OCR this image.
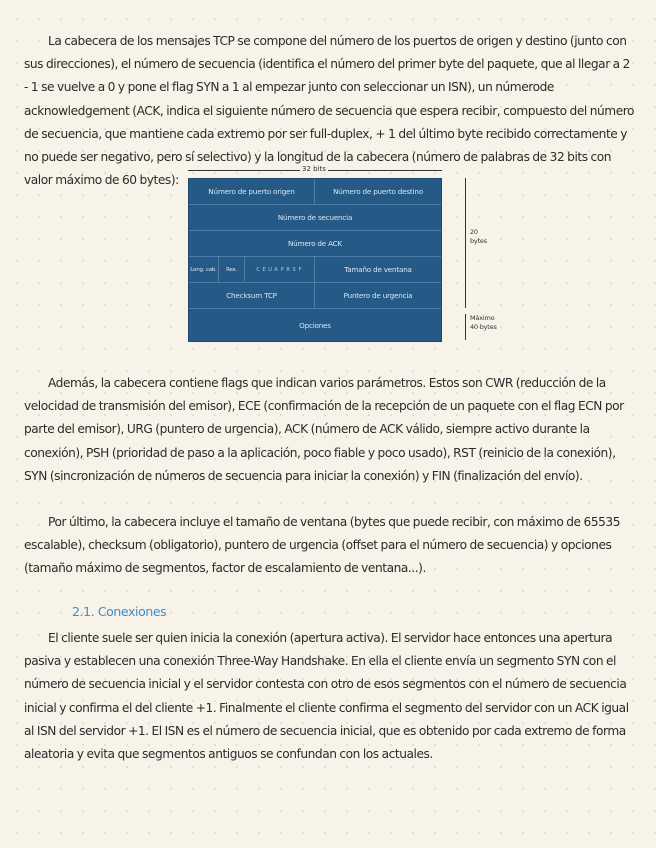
La cabecera de los mensajes TCP se compone del número de los puertos de origen y destino (junto con sus direcciones), el número de secuencia (identifica el número del primer byte del paquete, que al llegar a 2 - 1 se vuelve a 0 y pone el flag SYN a 1 al empezar junto con seleccionar un ISN), un númerode acknowledgement (ACK, indica el siguiente número de secuencia que espera recibir, compuesto del número de secuencia, que mantiene cada extremo por ser full-duplex, + 1 del último byte recibido correctamente y no puede ser negativo, pero sí selectivo) y la longitud de la cabecera (número de palabras de 32 bits con valor máximo de 60 bytes):

32 bits
Número de puerto origen	Número de puerto destino
Número de secuencia
Número de ACK
Long. cab.	Res.	C E U A P R S F	Tamaño de ventana
Checksum TCP	Puntero de urgencia
Opciones
20 bytes
Máximo 40 bytes

Además, la cabecera contiene flags que indican varios parámetros. Estos son CWR (reducción de la velocidad de transmisión del emisor), ECE (confirmación de la recepción de un paquete con el flag ECN por parte del emisor), URG (puntero de urgencia), ACK (número de ACK válido, siempre activo durante la conexión), PSH (prioridad de paso a la aplicación, poco fiable y poco usado), RST (reinicio de la conexión), SYN (sincronización de números de secuencia para iniciar la conexión) y FIN (finalización del envío).

Por último, la cabecera incluye el tamaño de ventana (bytes que puede recibir, con máximo de 65535 escalable), checksum (obligatorio), puntero de urgencia (offset para el número de secuencia) y opciones (tamaño máximo de segmentos, factor de escalamiento de ventana...).

2.1. Conexiones

El cliente suele ser quien inicia la conexión (apertura activa). El servidor hace entonces una apertura pasiva y establecen una conexión Three-Way Handshake. En ella el cliente envía un segmento SYN con el número de secuencia inicial y el servidor contesta con otro de esos segmentos con el número de secuencia inicial y confirma el del cliente +1. Finalmente el cliente confirma el segmento del servidor con un ACK igual al ISN del servidor +1. El ISN es el número de secuencia inicial, que es obtenido por cada extremo de forma aleatoria y evita que segmentos antiguos se confundan con los actuales.
